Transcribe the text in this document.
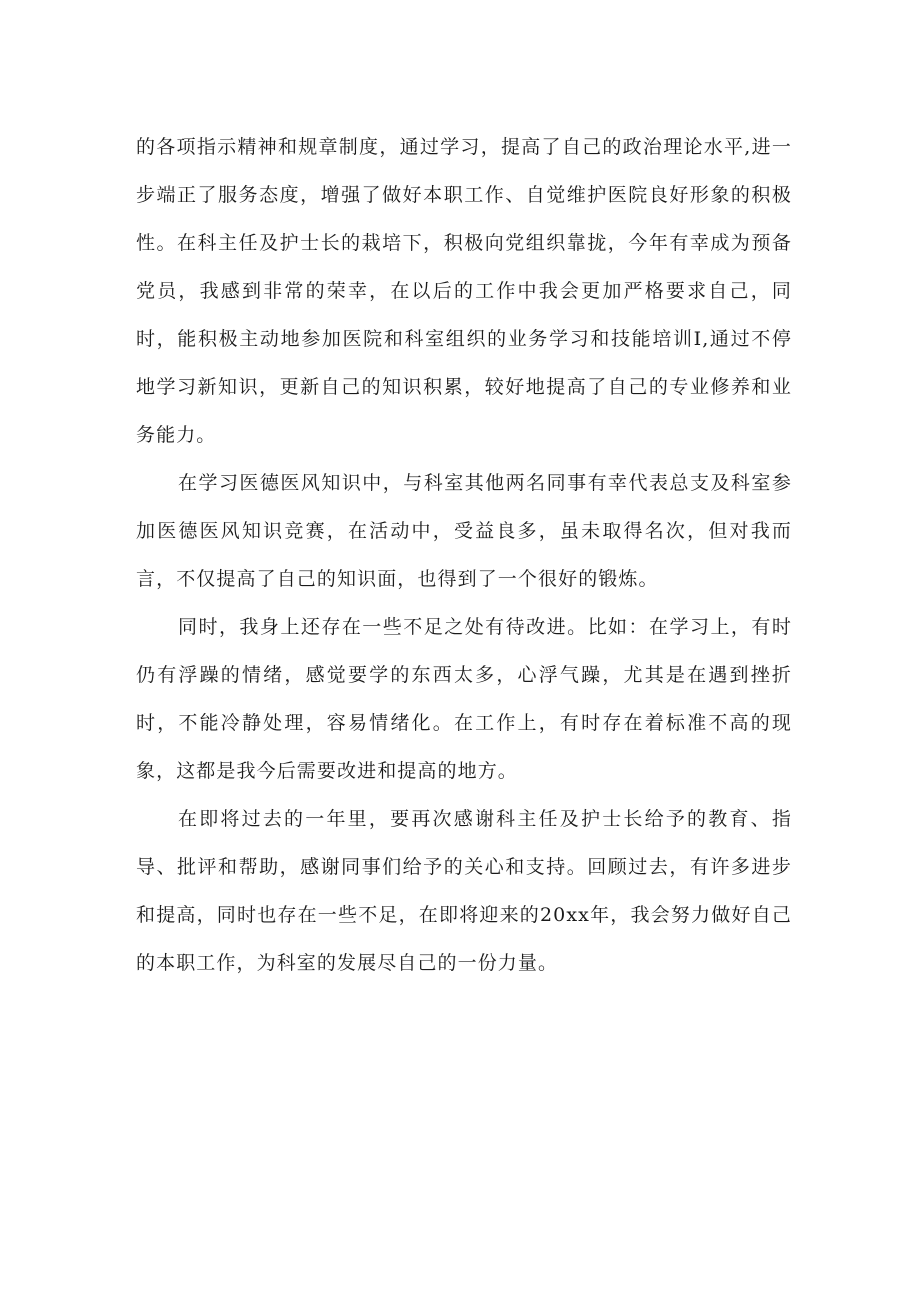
的各项指示精神和规章制度，通过学习，提高了自己的政治理论水平,进一步端正了服务态度，增强了做好本职工作、自觉维护医院良好形象的积极性。在科主任及护士长的栽培下，积极向党组织靠拢，今年有幸成为预备党员，我感到非常的荣幸，在以后的工作中我会更加严格要求自己，同时，能积极主动地参加医院和科室组织的业务学习和技能培训I,通过不停地学习新知识，更新自己的知识积累，较好地提高了自己的专业修养和业务能力。

在学习医德医风知识中，与科室其他两名同事有幸代表总支及科室参加医德医风知识竞赛，在活动中，受益良多，虽未取得名次，但对我而言，不仅提高了自己的知识面，也得到了一个很好的锻炼。

同时，我身上还存在一些不足之处有待改进。比如：在学习上，有时仍有浮躁的情绪，感觉要学的东西太多，心浮气躁，尤其是在遇到挫折时，不能冷静处理，容易情绪化。在工作上，有时存在着标准不高的现象，这都是我今后需要改进和提高的地方。

在即将过去的一年里，要再次感谢科主任及护士长给予的教育、指导、批评和帮助，感谢同事们给予的关心和支持。回顾过去，有许多进步和提高，同时也存在一些不足，在即将迎来的20xx年，我会努力做好自己的本职工作，为科室的发展尽自己的一份力量。
